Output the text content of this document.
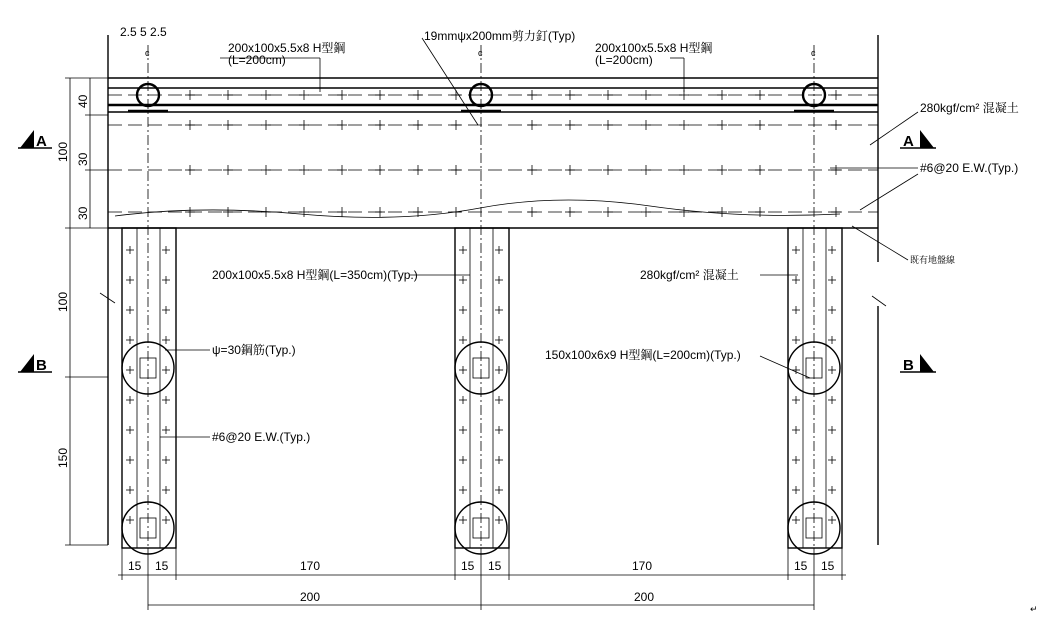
2.5 5 2.5
200x100x5.5x8 H型鋼
(L=200cm)
19mmψx200mm剪力釘(Typ)
200x100x5.5x8 H型鋼
(L=200cm)
280kgf/cm² 混凝土
#6@20 E.W.(Typ.)
既有地盤線
200x100x5.5x8 H型鋼(L=350cm)(Typ.)	280kgf/cm² 混凝土
ψ=30鋼筋(Typ.)	150x100x6x9 H型鋼(L=200cm)(Typ.)
#6@20 E.W.(Typ.)
c	c	c
↵
A	A
B	B
40
30
30
100
100
150
15 15	15 15	15 15
170	170
200	200
